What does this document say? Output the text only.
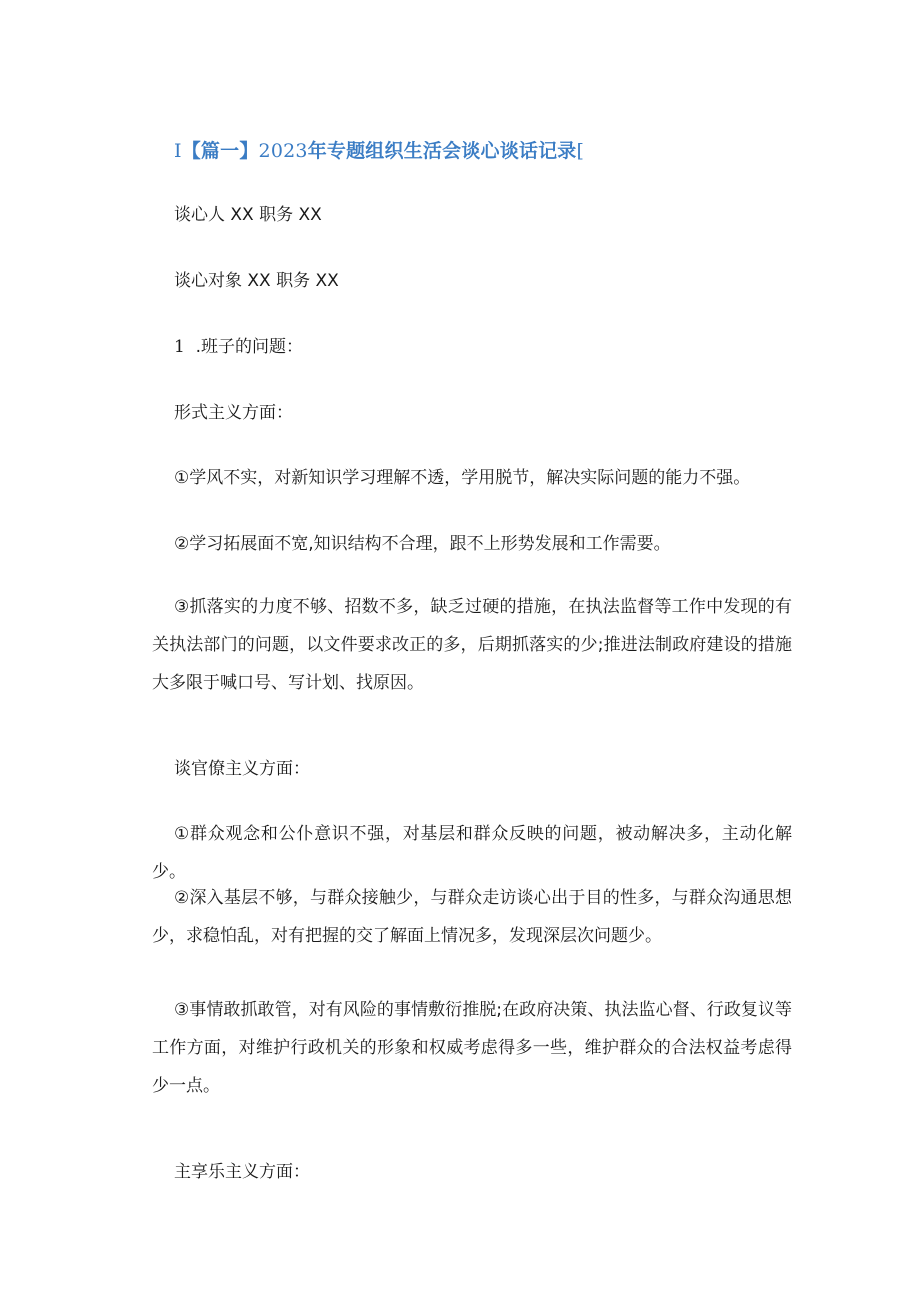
I【篇一】2023年专题组织生活会谈心谈话记录[
谈心人 XX 职务 XX
谈心对象 XX 职务 XX
1 .班子的问题：
形式主义方面：
①学风不实，对新知识学习理解不透，学用脱节，解决实际问题的能力不强。
②学习拓展面不宽,知识结构不合理，跟不上形势发展和工作需要。
③抓落实的力度不够、招数不多，缺乏过硬的措施，在执法监督等工作中发现的有关执法部门的问题，以文件要求改正的多，后期抓落实的少;推进法制政府建设的措施大多限于喊口号、写计划、找原因。
谈官僚主义方面：
①群众观念和公仆意识不强，对基层和群众反映的问题，被动解决多，主动化解少。
②深入基层不够，与群众接触少，与群众走访谈心出于目的性多，与群众沟通思想少，求稳怕乱，对有把握的交了解面上情况多，发现深层次问题少。
③事情敢抓敢管，对有风险的事情敷衍推脱;在政府决策、执法监心督、行政复议等工作方面，对维护行政机关的形象和权威考虑得多一些，维护群众的合法权益考虑得少一点。
主享乐主义方面：
